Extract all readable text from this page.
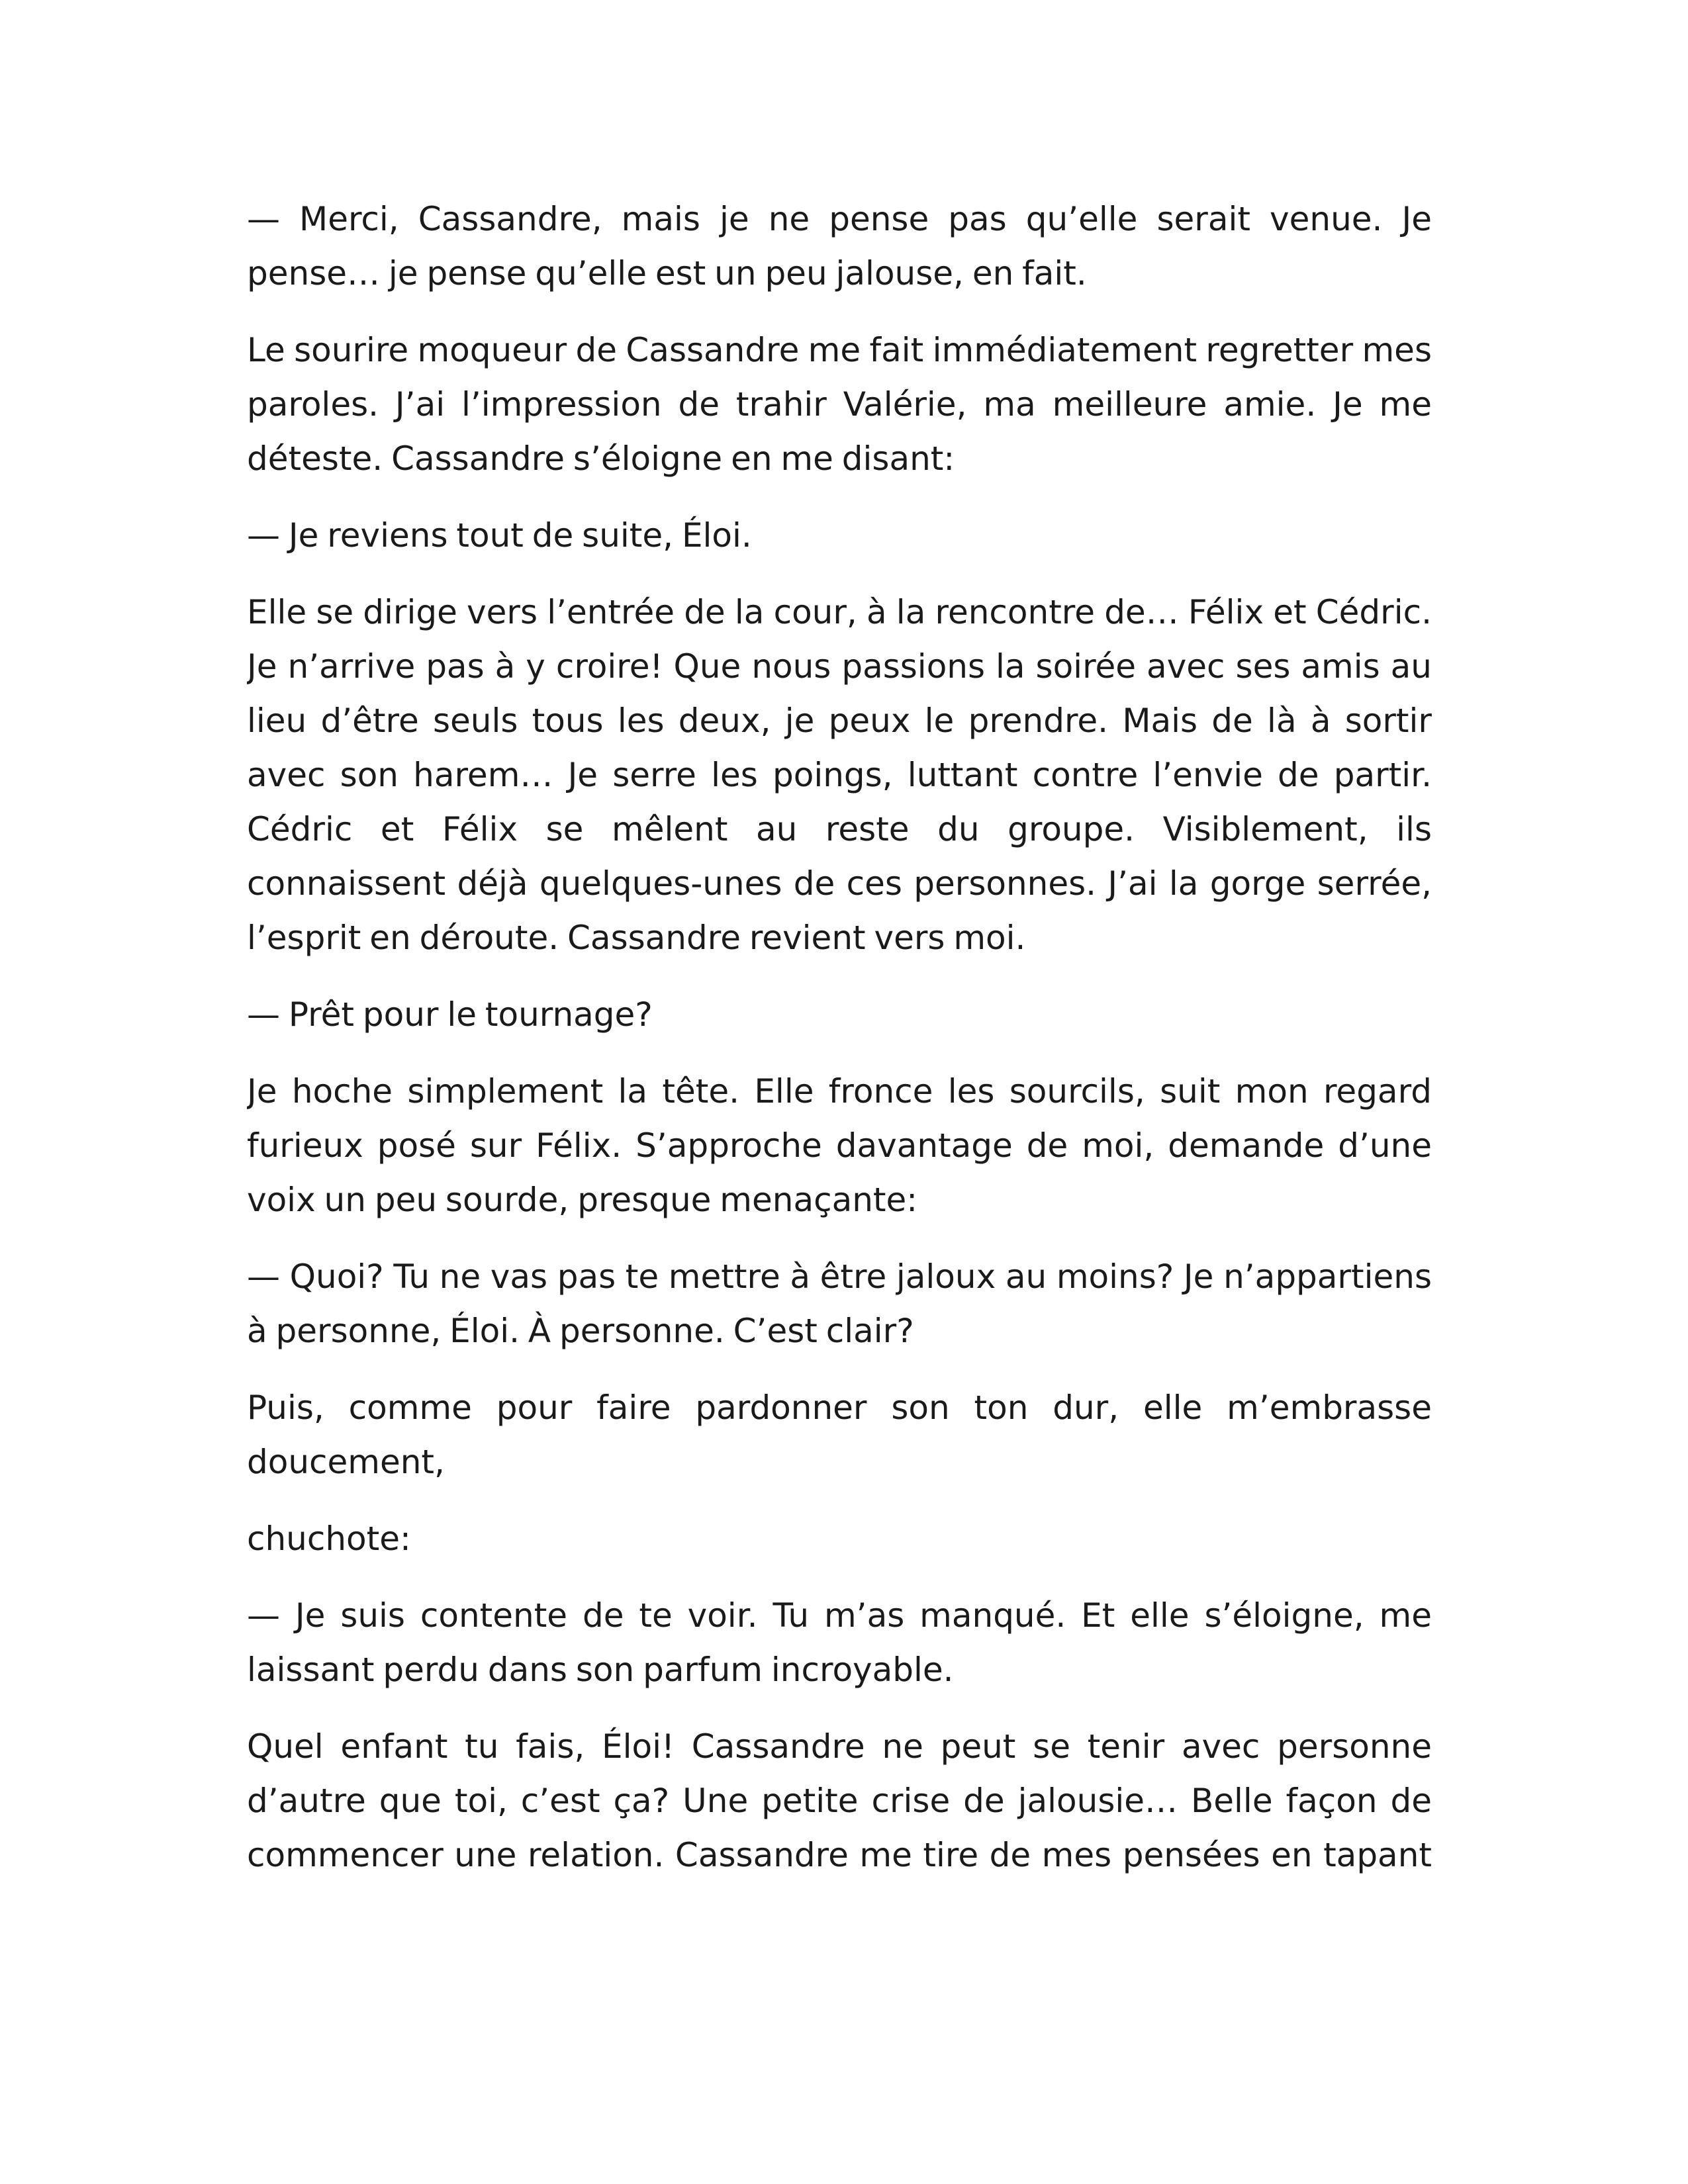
— Merci, Cassandre, mais je ne pense pas qu’elle serait venue. Je pense… je pense qu’elle est un peu jalouse, en fait.

Le sourire moqueur de Cassandre me fait immédiatement regretter mes paroles. J’ai l’impression de trahir Valérie, ma meilleure amie. Je me déteste. Cassandre s’éloigne en me disant:

— Je reviens tout de suite, Éloi.

Elle se dirige vers l’entrée de la cour, à la rencontre de… Félix et Cédric. Je n’arrive pas à y croire! Que nous passions la soirée avec ses amis au lieu d’être seuls tous les deux, je peux le prendre. Mais de là à sortir avec son harem… Je serre les poings, luttant contre l’envie de partir. Cédric et Félix se mêlent au reste du groupe. Visiblement, ils connaissent déjà quelques-unes de ces personnes. J’ai la gorge serrée, l’esprit en déroute. Cassandre revient vers moi.

— Prêt pour le tournage?

Je hoche simplement la tête. Elle fronce les sourcils, suit mon regard furieux posé sur Félix. S’approche davantage de moi, demande d’une voix un peu sourde, presque menaçante:

— Quoi? Tu ne vas pas te mettre à être jaloux au moins? Je n’appartiens à personne, Éloi. À personne. C’est clair?

Puis, comme pour faire pardonner son ton dur, elle m’embrasse doucement,

chuchote:

— Je suis contente de te voir. Tu m’as manqué. Et elle s’éloigne, me laissant perdu dans son parfum incroyable.

Quel enfant tu fais, Éloi! Cassandre ne peut se tenir avec personne d’autre que toi, c’est ça? Une petite crise de jalousie… Belle façon de commencer une relation. Cassandre me tire de mes pensées en tapant
